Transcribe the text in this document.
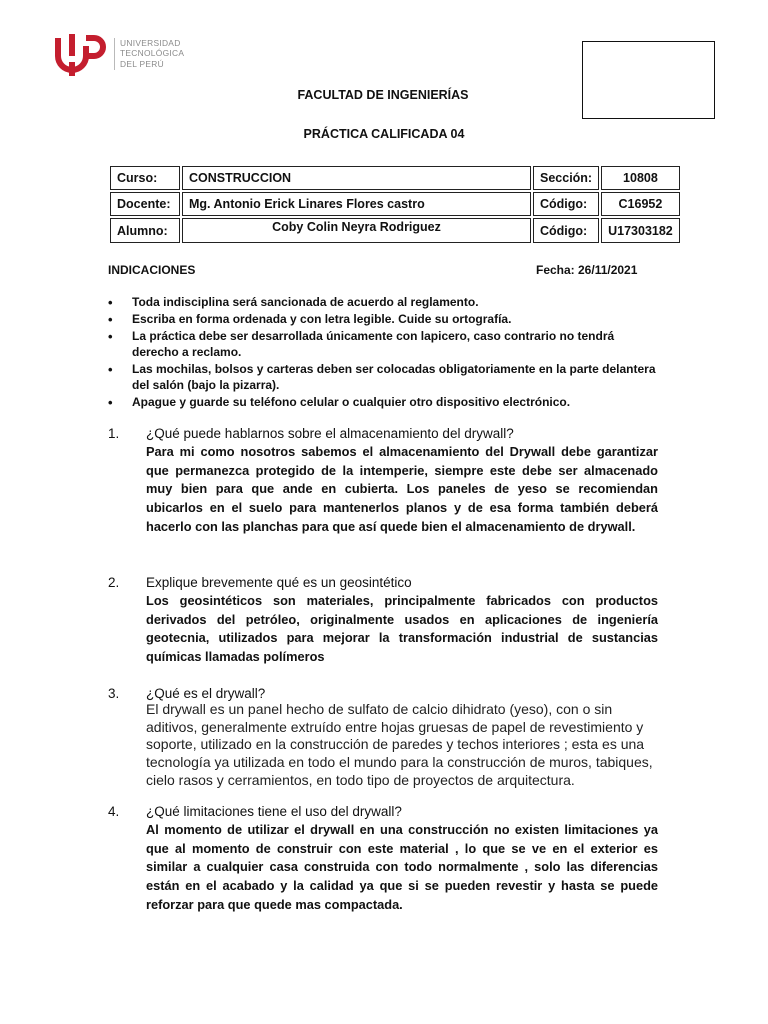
UNIVERSIDAD
TECNOLÓGICA
DEL PERÚ
FACULTAD DE INGENIERÍAS
PRÁCTICA CALIFICADA 04
Curso:	CONSTRUCCION	Sección:	10808
Docente:	Mg. Antonio Erick Linares Flores castro	Código:	C16952
Alumno:	Coby Colin Neyra Rodriguez	Código:	U17303182
INDICACIONES	Fecha: 26/11/2021
• Toda indisciplina será sancionada de acuerdo al reglamento.
• Escriba en forma ordenada y con letra legible. Cuide su ortografía.
• La práctica debe ser desarrollada únicamente con lapicero, caso contrario no tendrá derecho a reclamo.
• Las mochilas, bolsos y carteras deben ser colocadas obligatoriamente en la parte delantera del salón (bajo la pizarra).
• Apague y guarde su teléfono celular o cualquier otro dispositivo electrónico.
1. ¿Qué puede hablarnos sobre el almacenamiento del drywall?
Para mi como nosotros sabemos el almacenamiento del Drywall debe garantizar que permanezca protegido de la intemperie, siempre este debe ser almacenado muy bien para que ande en cubierta. Los paneles de yeso se recomiendan ubicarlos en el suelo para mantenerlos planos y de esa forma también deberá hacerlo con las planchas para que así quede bien el almacenamiento de drywall.
2. Explique brevemente qué es un geosintético
Los geosintéticos son materiales, principalmente fabricados con productos derivados del petróleo, originalmente usados en aplicaciones de ingeniería geotecnia, utilizados para mejorar la transformación industrial de sustancias químicas llamadas polímeros
3. ¿Qué es el drywall?
El drywall es un panel hecho de sulfato de calcio dihidrato (yeso), con o sin aditivos, generalmente extruído entre hojas gruesas de papel de revestimiento y soporte, utilizado en la construcción de paredes y techos interiores ; esta es una tecnología ya utilizada en todo el mundo para la construcción de muros, tabiques, cielo rasos y cerramientos, en todo tipo de proyectos de arquitectura.
4. ¿Qué limitaciones tiene el uso del drywall?
Al momento de utilizar el drywall en una construcción no existen limitaciones ya que al momento de construir con este material , lo que se ve en el exterior es similar a cualquier casa construida con todo normalmente , solo las diferencias están en el acabado y la calidad ya que si se pueden revestir y hasta se puede reforzar para que quede mas compactada.
